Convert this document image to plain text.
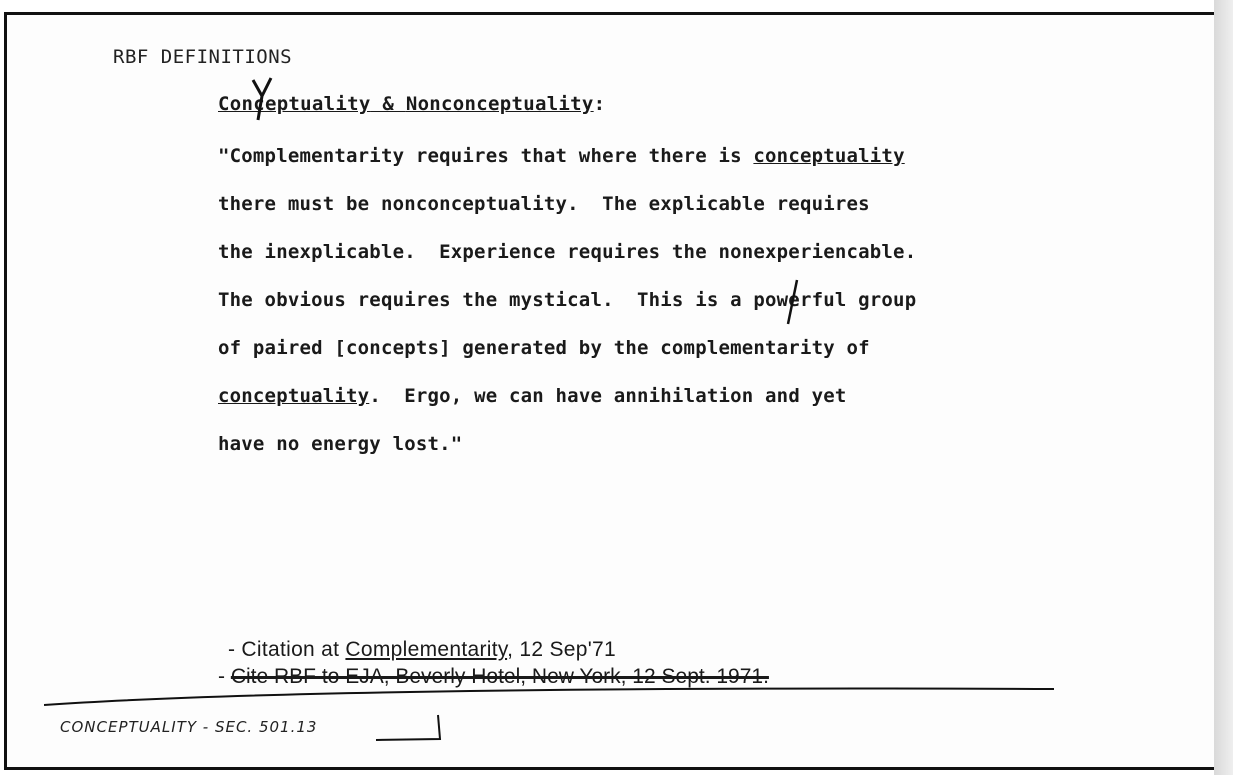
RBF DEFINITIONS
Conceptuality & Nonconceptuality:
"Complementarity requires that where there is conceptuality
there must be nonconceptuality.  The explicable requires
the inexplicable.  Experience requires the nonexperiencable.
The obvious requires the mystical.  This is a powerful group
of paired [concepts] generated by the complementarity of
conceptuality.  Ergo, we can have annihilation and yet
have no energy lost."
- Citation at Complementarity, 12 Sep'71
- Cite RBF to EJA, Beverly Hotel, New York, 12 Sept. 1971.
CONCEPTUALITY - SEC. 501.13
